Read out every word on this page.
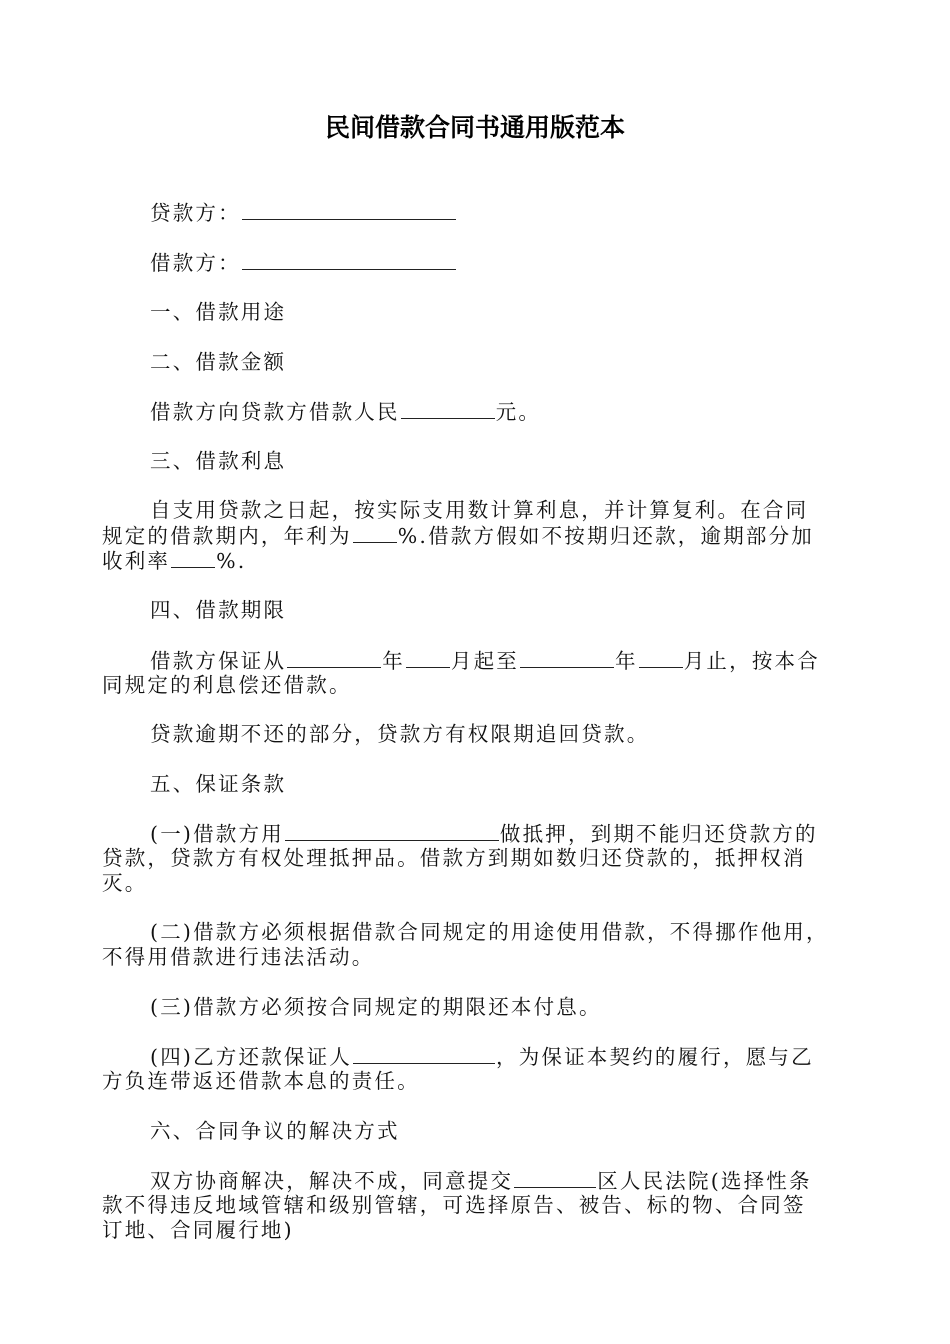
民间借款合同书通用版范本
贷款方：
借款方：
一、借款用途
二、借款金额
借款方向贷款方借款人民	元。
三、借款利息
自支用贷款之日起，按实际支用数计算利息，并计算复利。在合同
规定的借款期内，年利为 %.借款方假如不按期归还款，逾期部分加
收利率 %.
四、借款期限
借款方保证从	年 月起至	年 月止，按本合
同规定的利息偿还借款。
贷款逾期不还的部分，贷款方有权限期追回贷款。
五、保证条款
(一)借款方用	做抵押，到期不能归还贷款方的
贷款，贷款方有权处理抵押品。借款方到期如数归还贷款的，抵押权消
灭。
(二)借款方必须根据借款合同规定的用途使用借款，不得挪作他用，
不得用借款进行违法活动。
(三)借款方必须按合同规定的期限还本付息。
(四)乙方还款保证人	，为保证本契约的履行，愿与乙
方负连带返还借款本息的责任。
六、合同争议的解决方式
双方协商解决，解决不成，同意提交	区人民法院(选择性条
款不得违反地域管辖和级别管辖，可选择原告、被告、标的物、合同签
订地、合同履行地)
